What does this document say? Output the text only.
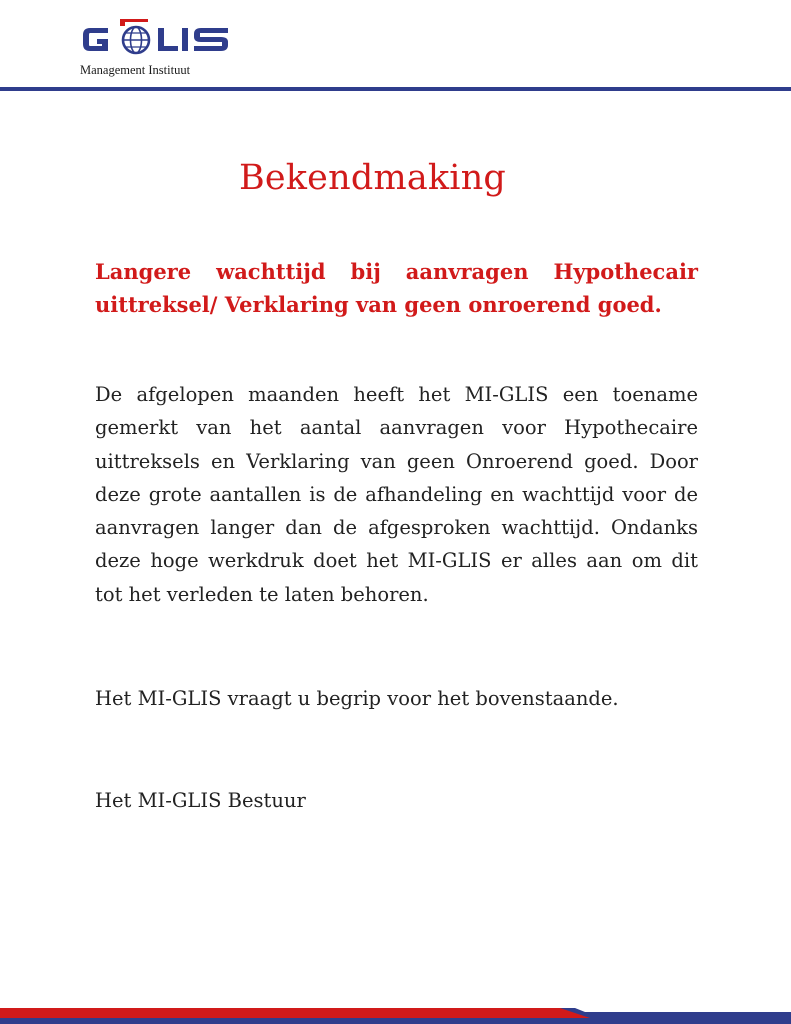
Management Instituut
Bekendmaking

Langere wachttijd bij aanvragen Hypothecair uittreksel/ Verklaring van geen onroerend goed.

De afgelopen maanden heeft het MI-GLIS een toename gemerkt van het aantal aanvragen voor Hypothecaire uittreksels en Verklaring van geen Onroerend goed. Door deze grote aantallen is de afhandeling en wachttijd voor de aanvragen langer dan de afgesproken wachttijd. Ondanks deze hoge werkdruk doet het MI-GLIS er alles aan om dit tot het verleden te laten behoren.

Het MI-GLIS vraagt u begrip voor het bovenstaande.

Het MI-GLIS Bestuur
